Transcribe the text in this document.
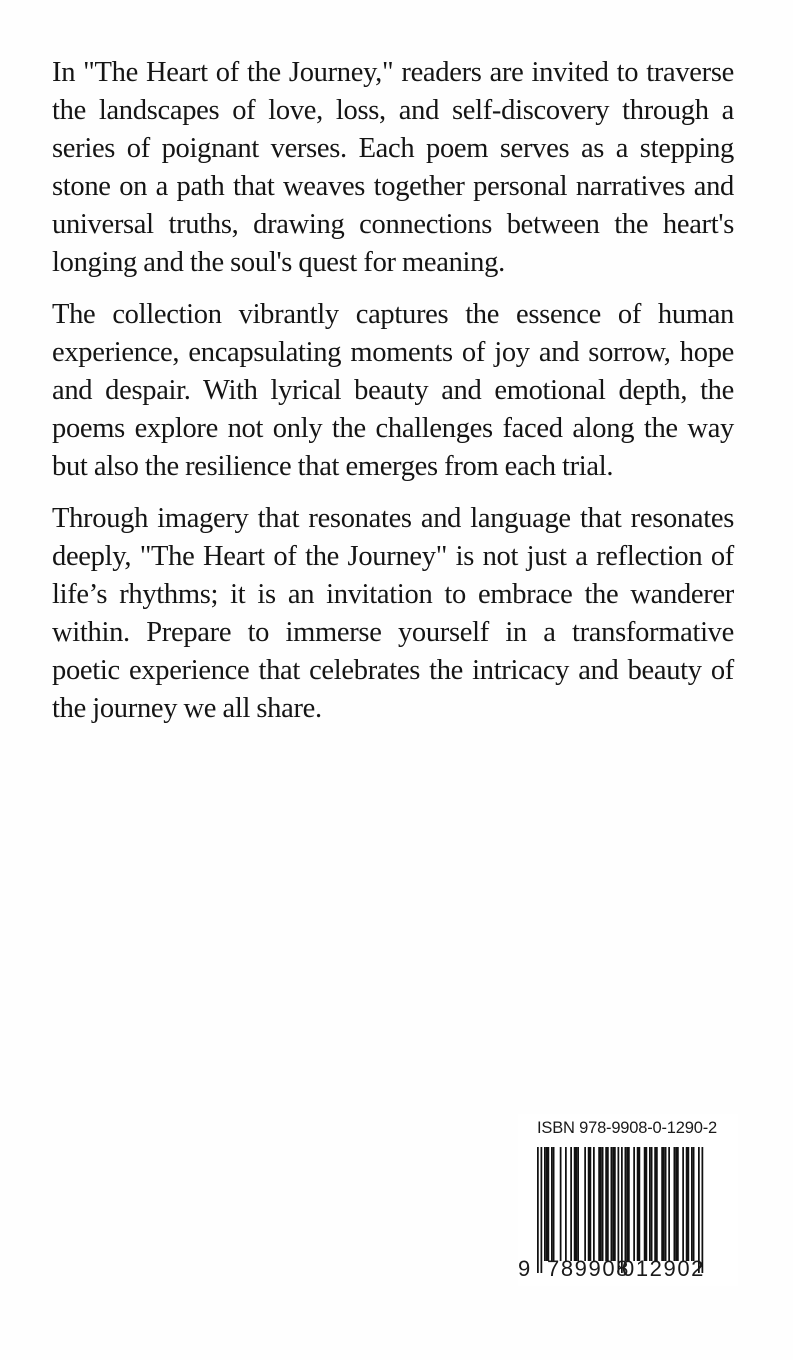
In "The Heart of the Journey," readers are invited to traverse the landscapes of love, loss, and self-discovery through a series of poignant verses. Each poem serves as a stepping stone on a path that weaves together personal narratives and universal truths, drawing connections between the heart's longing and the soul's quest for meaning.

The collection vibrantly captures the essence of human experience, encapsulating moments of joy and sorrow, hope and despair. With lyrical beauty and emotional depth, the poems explore not only the challenges faced along the way but also the resilience that emerges from each trial.

Through imagery that resonates and language that resonates deeply, "The Heart of the Journey" is not just a reflection of life’s rhythms; it is an invitation to embrace the wanderer within. Prepare to immerse yourself in a transformative poetic experience that celebrates the intricacy and beauty of the journey we all share.

ISBN 978-9908-0-1290-2
9 789908
012902
